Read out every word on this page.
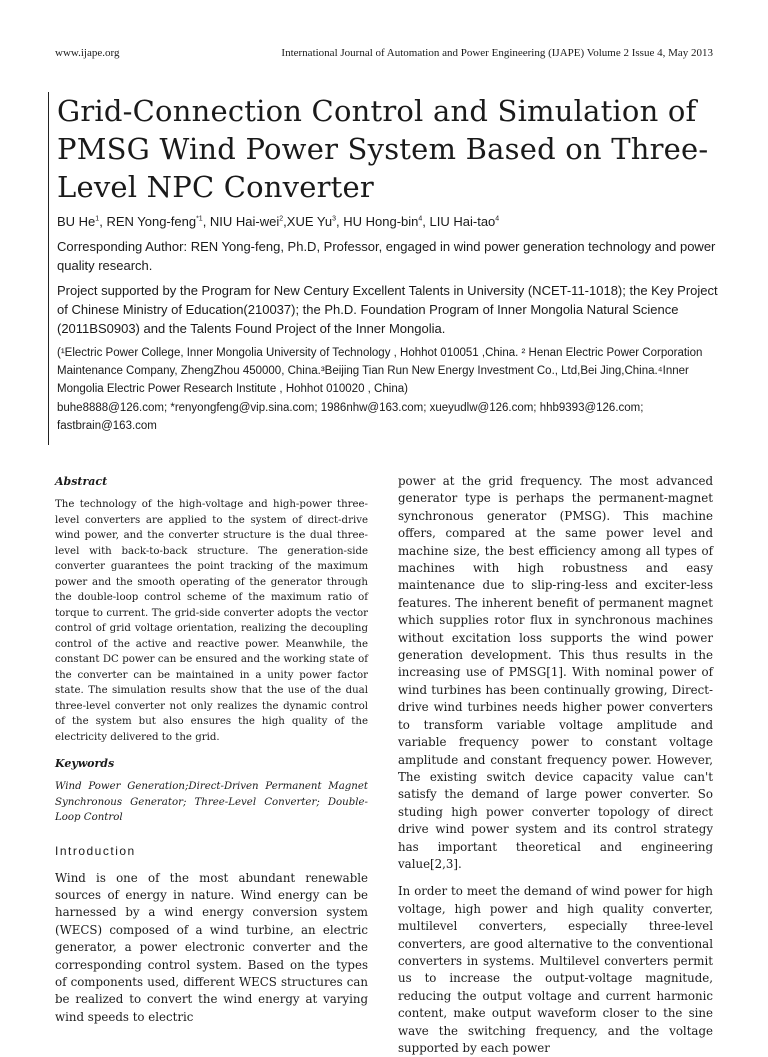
www.ijape.org	International Journal of Automation and Power Engineering (IJAPE) Volume 2 Issue 4, May 2013
Grid-Connection Control and Simulation of PMSG Wind Power System Based on Three-Level NPC Converter
BU He$^1$, REN Yong-feng$^{*1}$, NIU Hai-wei$^2$,XUE Yu$^3$, HU Hong-bin$^4$, LIU Hai-tao$^4$
Corresponding Author: REN Yong-feng, Ph.D, Professor, engaged in wind power generation technology and power quality research.
Project supported by the Program for New Century Excellent Talents in University (NCET-11-1018); the Key Project of Chinese Ministry of Education(210037); the Ph.D. Foundation Program of Inner Mongolia Natural Science (2011BS0903) and the Talents Found Project of the Inner Mongolia.
(¹Electric Power College, Inner Mongolia University of Technology , Hohhot 010051 ,China. ² Henan Electric Power Corporation Maintenance Company, ZhengZhou 450000, China.³Beijing Tian Run New Energy Investment Co., Ltd,Bei Jing,China.⁴Inner Mongolia Electric Power Research Institute , Hohhot 010020 , China)
buhe8888@126.com; *renyongfeng@vip.sina.com; 1986nhw@163.com; xueyudlw@126.com; hhb9393@126.com; fastbrain@163.com
Abstract

The technology of the high-voltage and high-power three-level converters are applied to the system of direct-drive wind power, and the converter structure is the dual three-level with back-to-back structure. The generation-side converter guarantees the point tracking of the maximum power and the smooth operating of the generator through the double-loop control scheme of the maximum ratio of torque to current. The grid-side converter adopts the vector control of grid voltage orientation, realizing the decoupling control of the active and reactive power. Meanwhile, the constant DC power can be ensured and the working state of the converter can be maintained in a unity power factor state. The simulation results show that the use of the dual three-level converter not only realizes the dynamic control of the system but also ensures the high quality of the electricity delivered to the grid.

Keywords

Wind Power Generation;Direct-Driven Permanent Magnet Synchronous Generator; Three-Level Converter; Double-Loop Control

Introduction

Wind is one of the most abundant renewable sources of energy in nature. Wind energy can be harnessed by a wind energy conversion system (WECS) composed of a wind turbine, an electric generator, a power electronic converter and the corresponding control system. Based on the types of components used, different WECS structures can be realized to convert the wind energy at varying wind speeds to electric

power at the grid frequency. The most advanced generator type is perhaps the permanent-magnet synchronous generator (PMSG). This machine offers, compared at the same power level and machine size, the best efficiency among all types of machines with high robustness and easy maintenance due to slip-ring-less and exciter-less features. The inherent benefit of permanent magnet which supplies rotor flux in synchronous machines without excitation loss supports the wind power generation development. This thus results in the increasing use of PMSG[1]. With nominal power of wind turbines has been continually growing, Direct-drive wind turbines needs higher power converters to transform variable voltage amplitude and variable frequency power to constant voltage amplitude and constant frequency power. However, The existing switch device capacity value can't satisfy the demand of large power converter. So studing high power converter topology of direct drive wind power system and its control strategy has important theoretical and engineering value[2,3].

In order to meet the demand of wind power for high voltage, high power and high quality converter, multilevel converters, especially three-level converters, are good alternative to the conventional converters in systems. Multilevel converters permit us to increase the output-voltage magnitude, reducing the output voltage and current harmonic content, make output waveform closer to the sine wave the switching frequency, and the voltage supported by each power
